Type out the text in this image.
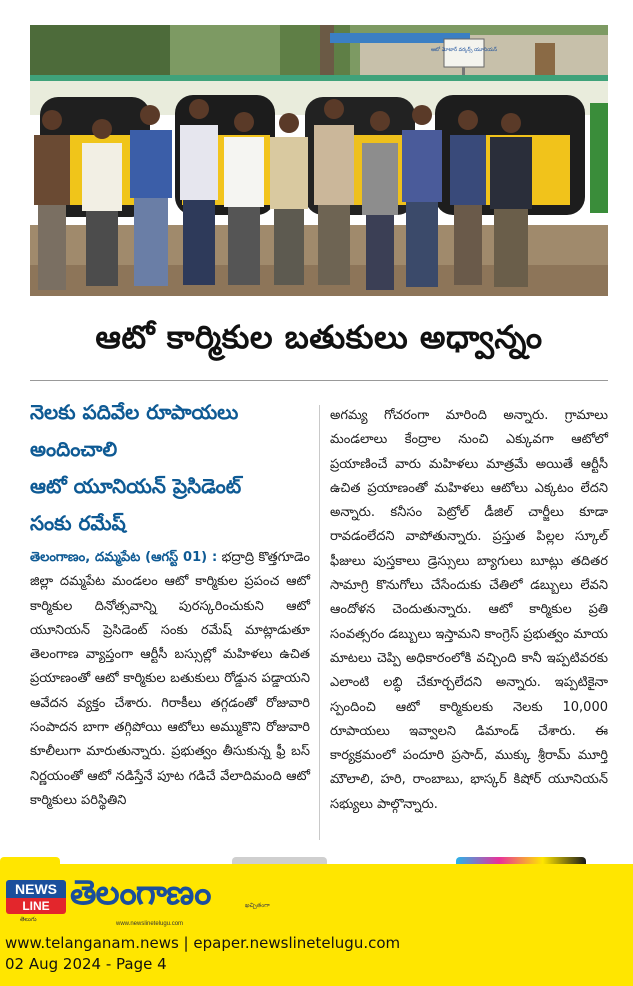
ఆటో మోటార్ వర్కర్స్ యూనియన్
ఆటో కార్మికుల బతుకులు అధ్వాన్నం
నెలకు పదివేల రూపాయలు
అందించాలి
ఆటో యూనియన్ ప్రెసిడెంట్
సంకు రమేష్

తెలంగాణం, దమ్మపేట (ఆగస్ట్ 01) : భద్రాద్రి కొత్తగూడెం జిల్లా దమ్మపేట మండలం ఆటో కార్మికుల ప్రపంచ ఆటో కార్మికుల దినోత్సవాన్ని పురస్కరించుకుని ఆటో యూనియన్ ప్రెసిడెంట్ సంకు రమేష్ మాట్లాడుతూ తెలంగాణ వ్యాప్తంగా ఆర్టీసీ బస్సుల్లో మహిళలు ఉచిత ప్రయాణంతో ఆటో కార్మికుల బతుకులు రోడ్డున పడ్డాయని ఆవేదన వ్యక్తం చేశారు. గిరాకీలు తగ్గడంతో రోజువారి సంపాదన బాగా తగ్గిపోయి ఆటోలు అమ్ముకొని రోజువారి కూలీలుగా మారుతున్నారు. ప్రభుత్వం తీసుకున్న ఫ్రీ బస్ నిర్ణయంతో ఆటో నడిస్తేనే పూట గడిచే వేలాదిమంది ఆటో కార్మికులు పరిస్థితిని

అగమ్య గోచరంగా మారింది అన్నారు. గ్రామాలు మండలాలు కేంద్రాల నుంచి ఎక్కువగా ఆటోలో ప్రయాణించే వారు మహిళలు మాత్రమే అయితే ఆర్టీసీ ఉచిత ప్రయాణంతో మహిళలు ఆటోలు ఎక్కటం లేదని అన్నారు. కనీసం పెట్రోల్ డీజిల్ చార్జీలు కూడా రావడంలేదని వాపోతున్నారు. ప్రస్తుత పిల్లల స్కూల్ ఫీజులు పుస్తకాలు డ్రెస్సులు బ్యాగులు బూట్లు తదితర సామాగ్రి కొనుగోలు చేసేందుకు చేతిలో డబ్బులు లేవని ఆందోళన చెందుతున్నారు. ఆటో కార్మికుల ప్రతి సంవత్సరం డబ్బులు ఇస్తామని కాంగ్రెస్ ప్రభుత్వం మాయ మాటలు చెప్పి అధికారంలోకి వచ్చింది కానీ ఇప్పటివరకు ఎలాంటి లబ్ధి చేకూర్చలేదని అన్నారు. ఇప్పటికైనా స్పందించి ఆటో కార్మికులకు నెలకు 10,000 రూపాయలు ఇవ్వాలని డిమాండ్ చేశారు. ఈ కార్యక్రమంలో పందూరి ప్రసాద్, ముక్కు శ్రీరామ్ మూర్తి మౌలాలి, హరి, రాంబాబు, భాస్కర్ కిషోర్ యూనియన్ సభ్యులు పాల్గొన్నారు.

NEWS
LINE
తెలుగు
తెలంగాణం
www.newslinetelugu.com
ఖచ్చితంగా
www.telanganam.news | epaper.newslinetelugu.com
02 Aug 2024 - Page 4
